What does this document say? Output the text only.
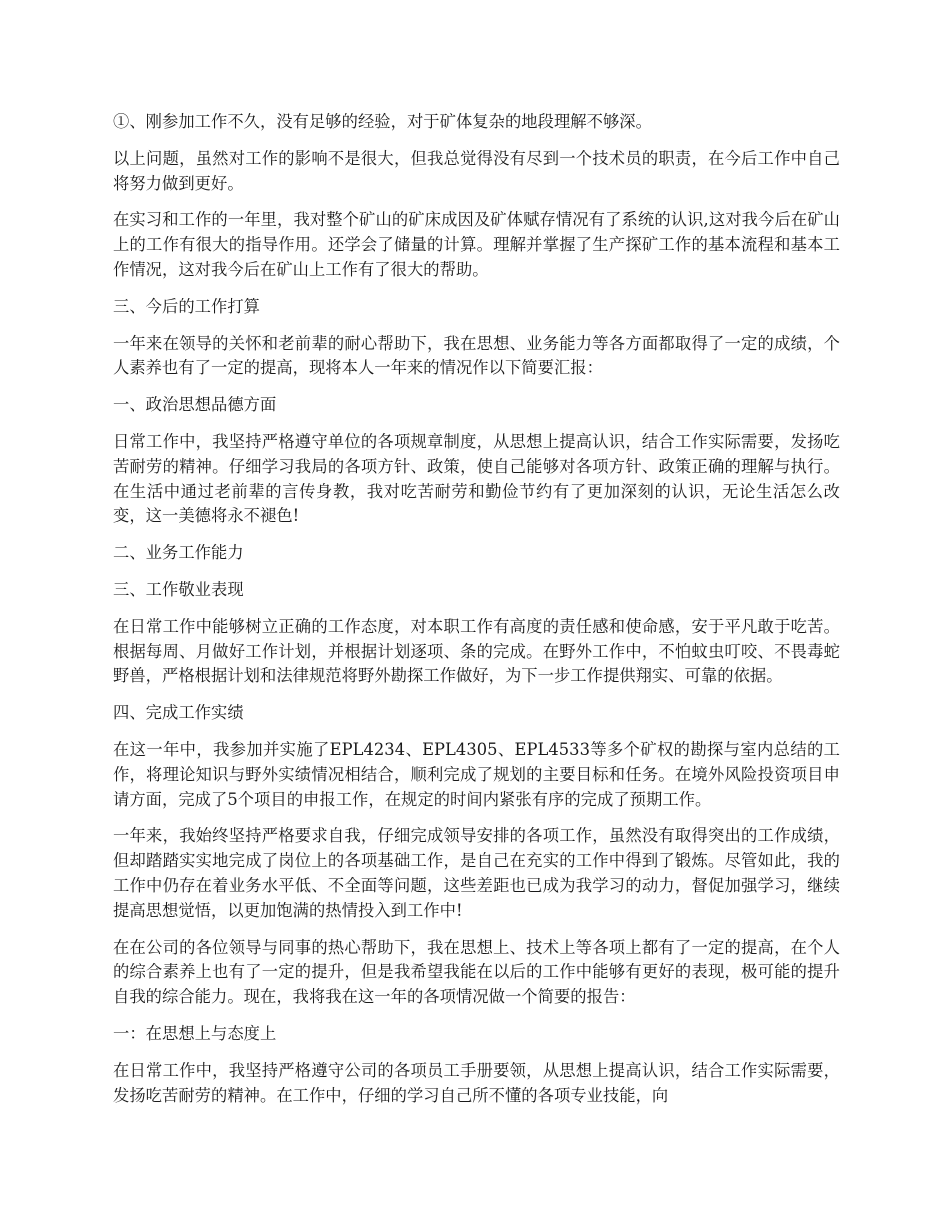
①、刚参加工作不久，没有足够的经验，对于矿体复杂的地段理解不够深。

以上问题，虽然对工作的影响不是很大，但我总觉得没有尽到一个技术员的职责，在今后工作中自己将努力做到更好。

在实习和工作的一年里，我对整个矿山的矿床成因及矿体赋存情况有了系统的认识,这对我今后在矿山上的工作有很大的指导作用。还学会了储量的计算。理解并掌握了生产探矿工作的基本流程和基本工作情况，这对我今后在矿山上工作有了很大的帮助。

三、今后的工作打算

一年来在领导的关怀和老前辈的耐心帮助下，我在思想、业务能力等各方面都取得了一定的成绩，个人素养也有了一定的提高，现将本人一年来的情况作以下简要汇报：

一、政治思想品德方面

日常工作中，我坚持严格遵守单位的各项规章制度，从思想上提高认识，结合工作实际需要，发扬吃苦耐劳的精神。仔细学习我局的各项方针、政策，使自己能够对各项方针、政策正确的理解与执行。在生活中通过老前辈的言传身教，我对吃苦耐劳和勤俭节约有了更加深刻的认识，无论生活怎么改变，这一美德将永不褪色!

二、业务工作能力

三、工作敬业表现

在日常工作中能够树立正确的工作态度，对本职工作有高度的责任感和使命感，安于平凡敢于吃苦。根据每周、月做好工作计划，并根据计划逐项、条的完成。在野外工作中，不怕蚊虫叮咬、不畏毒蛇野兽，严格根据计划和法律规范将野外勘探工作做好，为下一步工作提供翔实、可靠的依据。

四、完成工作实绩

在这一年中，我参加并实施了EPL4234、EPL4305、EPL4533等多个矿权的勘探与室内总结的工作，将理论知识与野外实绩情况相结合，顺利完成了规划的主要目标和任务。在境外风险投资项目申请方面，完成了5个项目的申报工作，在规定的时间内紧张有序的完成了预期工作。

一年来，我始终坚持严格要求自我，仔细完成领导安排的各项工作，虽然没有取得突出的工作成绩，但却踏踏实实地完成了岗位上的各项基础工作，是自己在充实的工作中得到了锻炼。尽管如此，我的工作中仍存在着业务水平低、不全面等问题，这些差距也已成为我学习的动力，督促加强学习，继续提高思想觉悟，以更加饱满的热情投入到工作中!

在在公司的各位领导与同事的热心帮助下，我在思想上、技术上等各项上都有了一定的提高，在个人的综合素养上也有了一定的提升，但是我希望我能在以后的工作中能够有更好的表现，极可能的提升自我的综合能力。现在，我将我在这一年的各项情况做一个简要的报告：

一：在思想上与态度上

在日常工作中，我坚持严格遵守公司的各项员工手册要领，从思想上提高认识，结合工作实际需要，发扬吃苦耐劳的精神。在工作中，仔细的学习自己所不懂的各项专业技能，向
